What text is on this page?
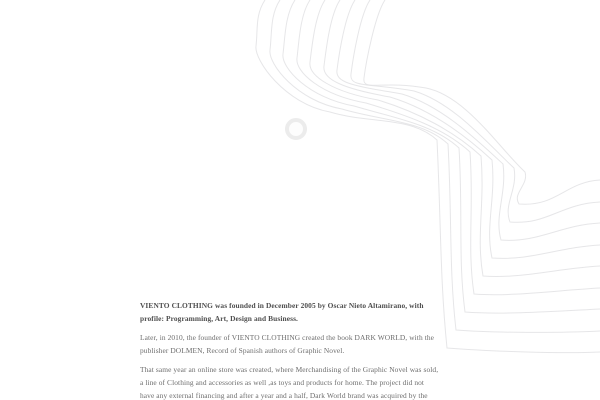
VIENTO CLOTHING was founded in December 2005 by Oscar Nieto Altamirano, with
profile: Programming, Art, Design and Business.
Later, in 2010, the founder of VIENTO CLOTHING created the book DARK WORLD, with the
publisher DOLMEN, Record of Spanish authors of Graphic Novel.
That same year an online store was created, where Merchandising of the Graphic Novel was sold,
a line of Clothing and accessories as well ,as toys and products for home. The project did not
have any external financing and after a year and a half, Dark World brand was acquired by the
